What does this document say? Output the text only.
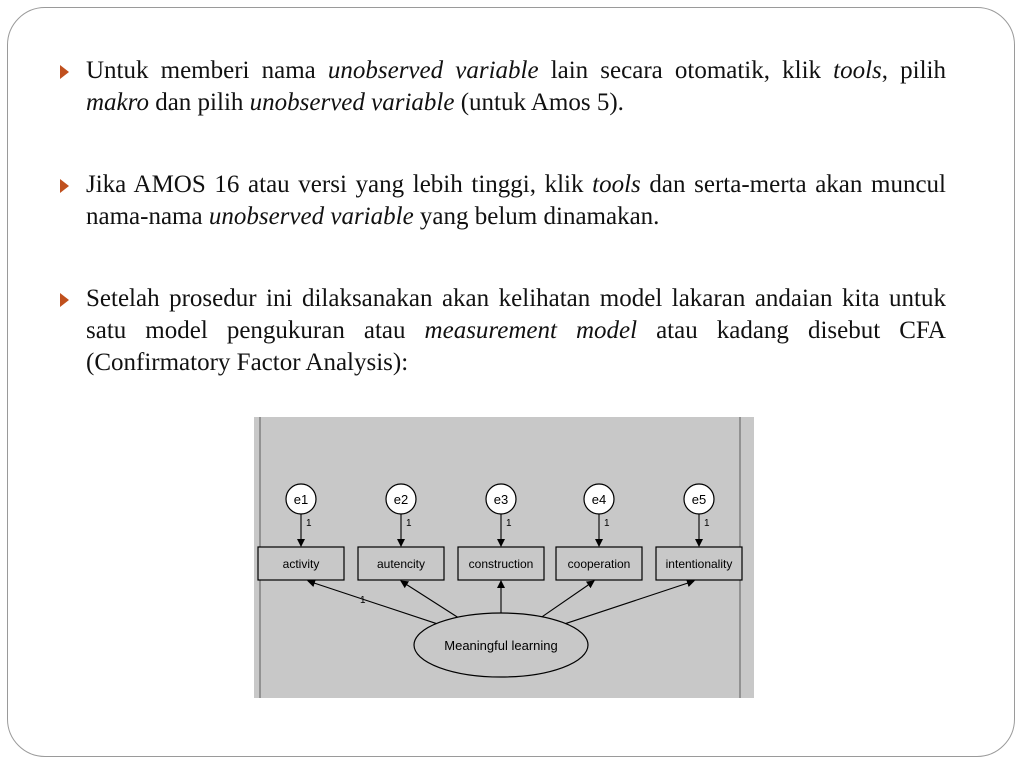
Untuk memberi nama unobserved variable lain secara otomatik, klik tools, pilih makro dan pilih unobserved variable (untuk Amos 5).
Jika AMOS 16 atau versi yang lebih tinggi, klik tools dan serta-merta akan muncul nama-nama unobserved variable yang belum dinamakan.
Setelah prosedur ini dilaksanakan akan kelihatan model lakaran andaian kita untuk satu model pengukuran atau measurement model atau kadang disebut CFA (Confirmatory Factor Analysis):
e1
1
activity
e2
1
autencity
e3
1
construction
e4
1
cooperation
e5
1
intentionality
Meaningful learning
1
